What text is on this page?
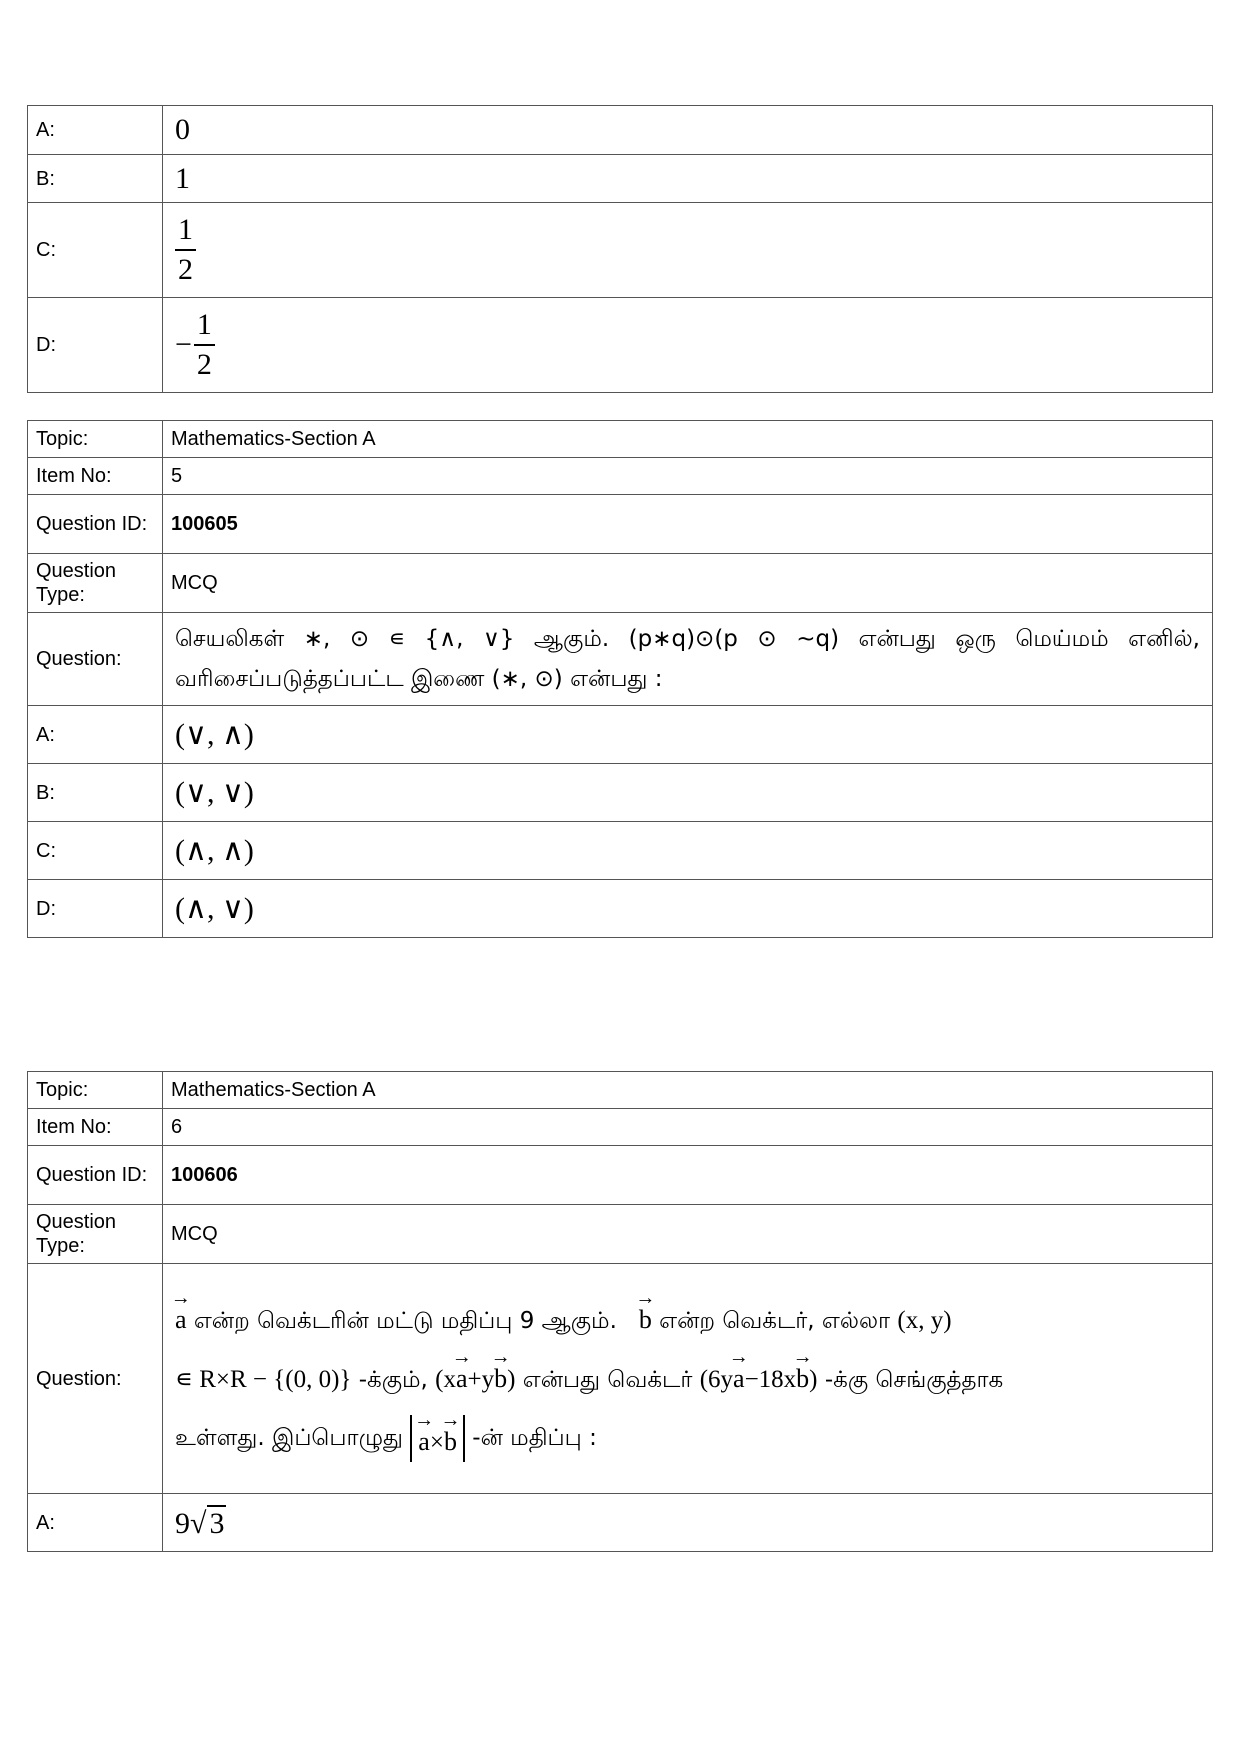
A:	0
B:	1
C:	$\frac{1}{2}$

D:	− $\frac{1}{2}$
Topic:	Mathematics-Section A
Item No:	5
Question ID:	100605
Question Type:	MCQ
Question:	செயலிகள் ∗, ⊙ ∊ {∧, ∨} ஆகும். (p∗q)⊙(p ⊙ ~q) என்பது ஒரு மெய்மம் எனில், வரிசைப்படுத்தப்பட்ட இணை (∗, ⊙) என்பது :
A:	(∨, ∧)
B:	(∨, ∨)
C:	(∧, ∧)
D:	(∧, ∨)
Topic:	Mathematics-Section A
Item No:	6
Question ID:	100606
Question Type:	MCQ
Question:	→ a என்ற வெக்டரின் மட்டு மதிப்பு 9 ஆகும். → b என்ற வெக்டர், எல்லா (x, y)
∊ R×R − {(0, 0)} -க்கும், (x→ a+y→ b) என்பது வெக்டர் (6y→ a−18x→ b) -க்கு செங்குத்தாக
உள்ளது. இப்பொழுது → a×→ b -ன் மதிப்பு :

A:	9√ 3
